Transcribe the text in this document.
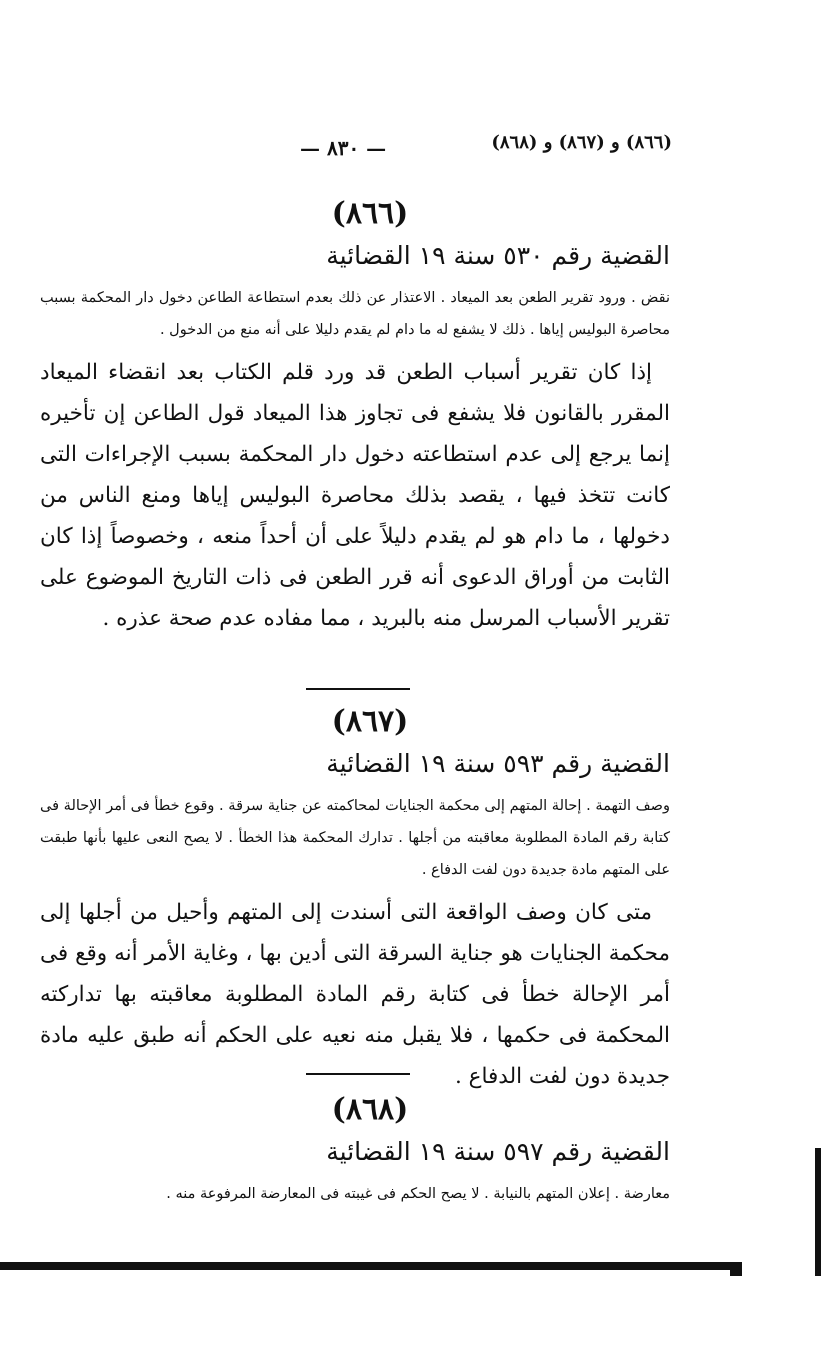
(٨٦٦) و (٨٦٧) و (٨٦٨)
— ٨٣٠ —
(٨٦٦)
القضية رقم ٥٣٠ سنة ١٩ القضائية
نقض . ورود تقرير الطعن بعد الميعاد . الاعتذار عن ذلك بعدم استطاعة الطاعن دخول دار المحكمة بسبب محاصرة البوليس إياها . ذلك لا يشفع له ما دام لم يقدم دليلا على أنه منع من الدخول .
إذا كان تقرير أسباب الطعن قد ورد قلم الكتاب بعد انقضاء الميعاد المقرر بالقانون فلا يشفع فى تجاوز هذا الميعاد قول الطاعن إن تأخيره إنما يرجع إلى عدم استطاعته دخول دار المحكمة بسبب الإجراءات التى كانت تتخذ فيها ، يقصد بذلك محاصرة البوليس إياها ومنع الناس من دخولها ، ما دام هو لم يقدم دليلاً على أن أحداً منعه ، وخصوصاً إذا كان الثابت من أوراق الدعوى أنه قرر الطعن فى ذات التاريخ الموضوع على تقرير الأسباب المرسل منه بالبريد ، مما مفاده عدم صحة عذره .
(٨٦٧)
القضية رقم ٥٩٣ سنة ١٩ القضائية
وصف التهمة . إحالة المتهم إلى محكمة الجنايات لمحاكمته عن جناية سرقة . وقوع خطأ فى أمر الإحالة فى كتابة رقم المادة المطلوبة معاقبته من أجلها . تدارك المحكمة هذا الخطأ . لا يصح النعى عليها بأنها طبقت على المتهم مادة جديدة دون لفت الدفاع .
متى كان وصف الواقعة التى أسندت إلى المتهم وأحيل من أجلها إلى محكمة الجنايات هو جناية السرقة التى أدين بها ، وغاية الأمر أنه وقع فى أمر الإحالة خطأ فى كتابة رقم المادة المطلوبة معاقبته بها تداركته المحكمة فى حكمها ، فلا يقبل منه نعيه على الحكم أنه طبق عليه مادة جديدة دون لفت الدفاع .
(٨٦٨)
القضية رقم ٥٩٧ سنة ١٩ القضائية
معارضة . إعلان المتهم بالنيابة . لا يصح الحكم فى غيبته فى المعارضة المرفوعة منه .
